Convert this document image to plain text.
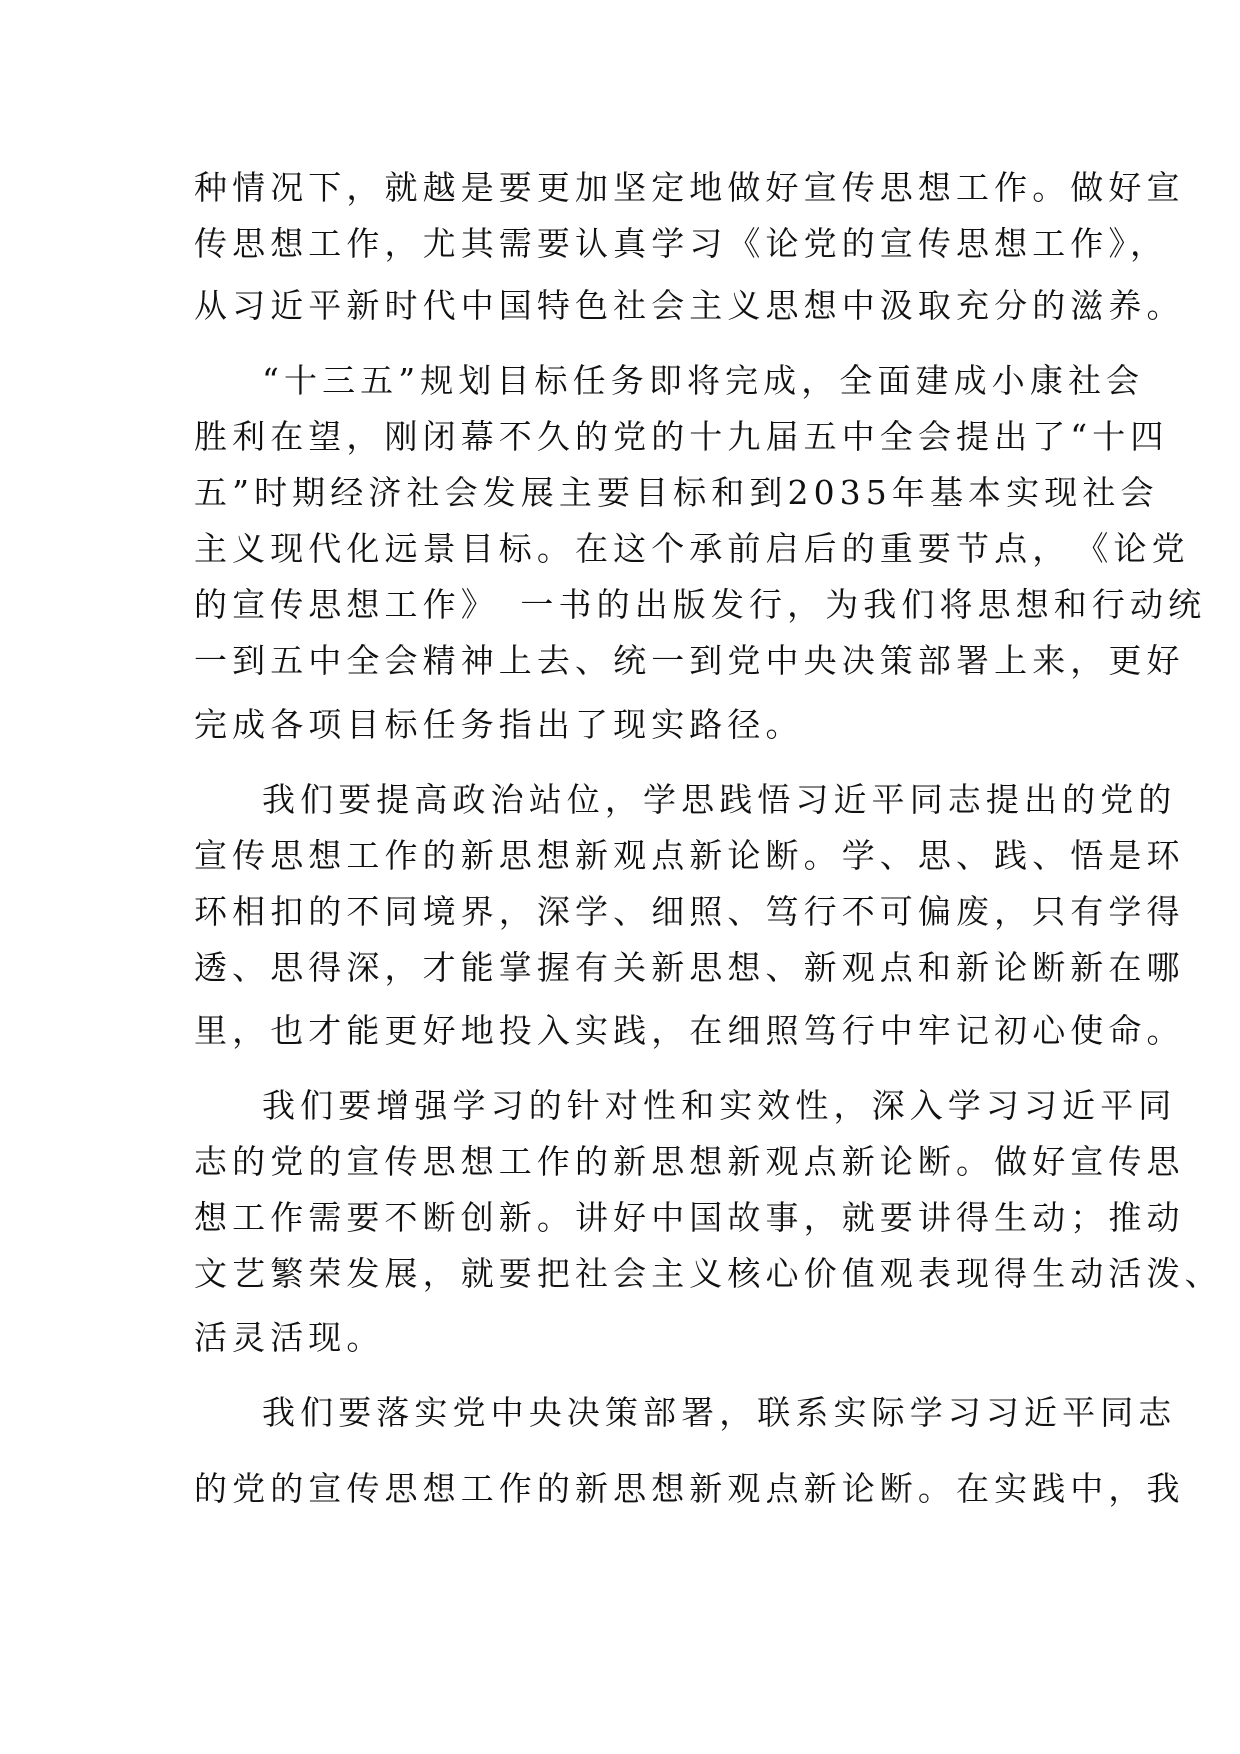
种情况下，就越是要更加坚定地做好宣传思想工作。做好宣
传思想工作，尤其需要认真学习《论党的宣传思想工作》，
从习近平新时代中国特色社会主义思想中汲取充分的滋养。
“十三五”规划目标任务即将完成，全面建成小康社会
胜利在望，刚闭幕不久的党的十九届五中全会提出了“十四
五”时期经济社会发展主要目标和到2035年基本实现社会
主义现代化远景目标。在这个承前启后的重要节点，　《论党
的宣传思想工作》　一书的出版发行，为我们将思想和行动统
一到五中全会精神上去、统一到党中央决策部署上来，更好
完成各项目标任务指出了现实路径。
我们要提高政治站位，学思践悟习近平同志提出的党的
宣传思想工作的新思想新观点新论断。学、思、践、悟是环
环相扣的不同境界，深学、细照、笃行不可偏废，只有学得
透、思得深，才能掌握有关新思想、新观点和新论断新在哪
里，也才能更好地投入实践，在细照笃行中牢记初心使命。
我们要增强学习的针对性和实效性，深入学习习近平同
志的党的宣传思想工作的新思想新观点新论断。做好宣传思
想工作需要不断创新。讲好中国故事，就要讲得生动；推动
文艺繁荣发展，就要把社会主义核心价值观表现得生动活泼、
活灵活现。
我们要落实党中央决策部署，联系实际学习习近平同志
的党的宣传思想工作的新思想新观点新论断。在实践中，我
